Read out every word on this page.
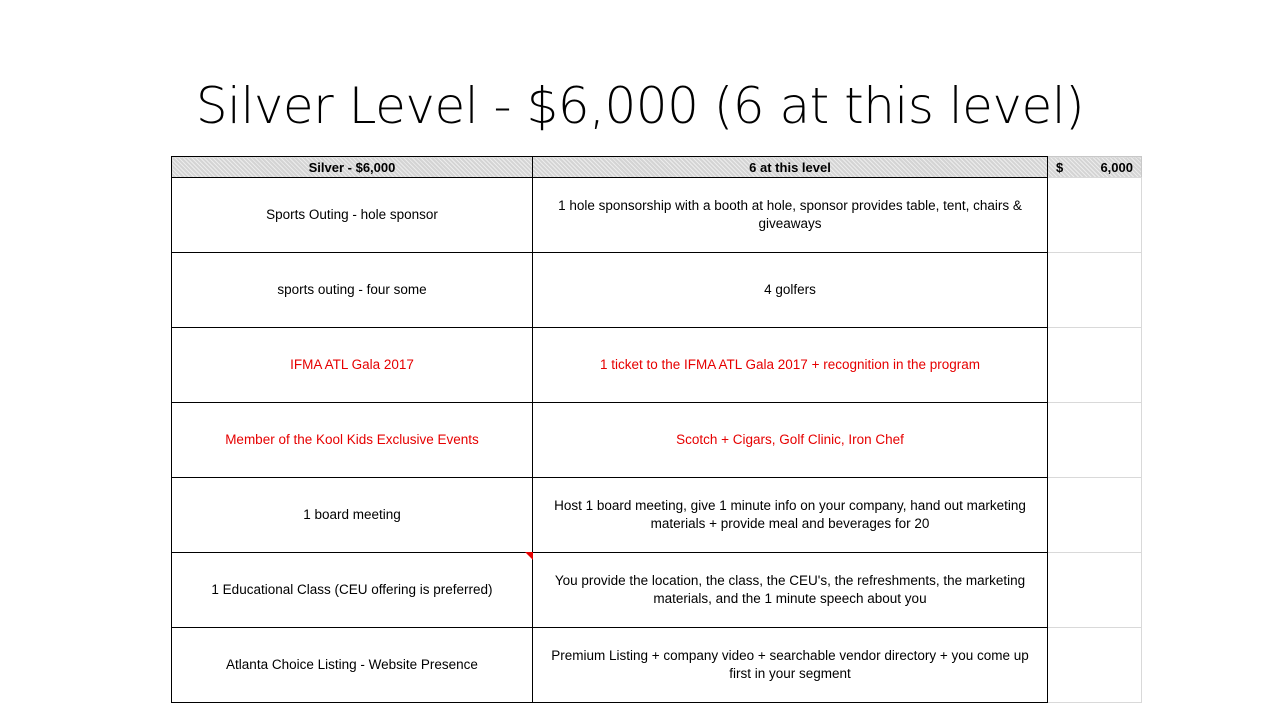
Silver Level - $6,000 (6 at this level)
Silver - $6,000	6 at this level	$ 6,000

Sports Outing - hole sponsor	1 hole sponsorship with a booth at hole, sponsor provides table, tent, chairs & giveaways	
sports outing - four some	4 golfers	
IFMA ATL Gala 2017	1 ticket to the IFMA ATL Gala 2017 + recognition in the program	
Member of the Kool Kids Exclusive Events	Scotch + Cigars, Golf Clinic, Iron Chef	
1 board meeting	Host 1 board meeting, give 1 minute info on your company, hand out marketing materials + provide meal and beverages for 20	
1 Educational Class (CEU offering is preferred)	You provide the location, the class, the CEU's, the refreshments, the marketing materials, and the 1 minute speech about you	
Atlanta Choice Listing - Website Presence	Premium Listing + company video + searchable vendor directory + you come up first in your segment	
